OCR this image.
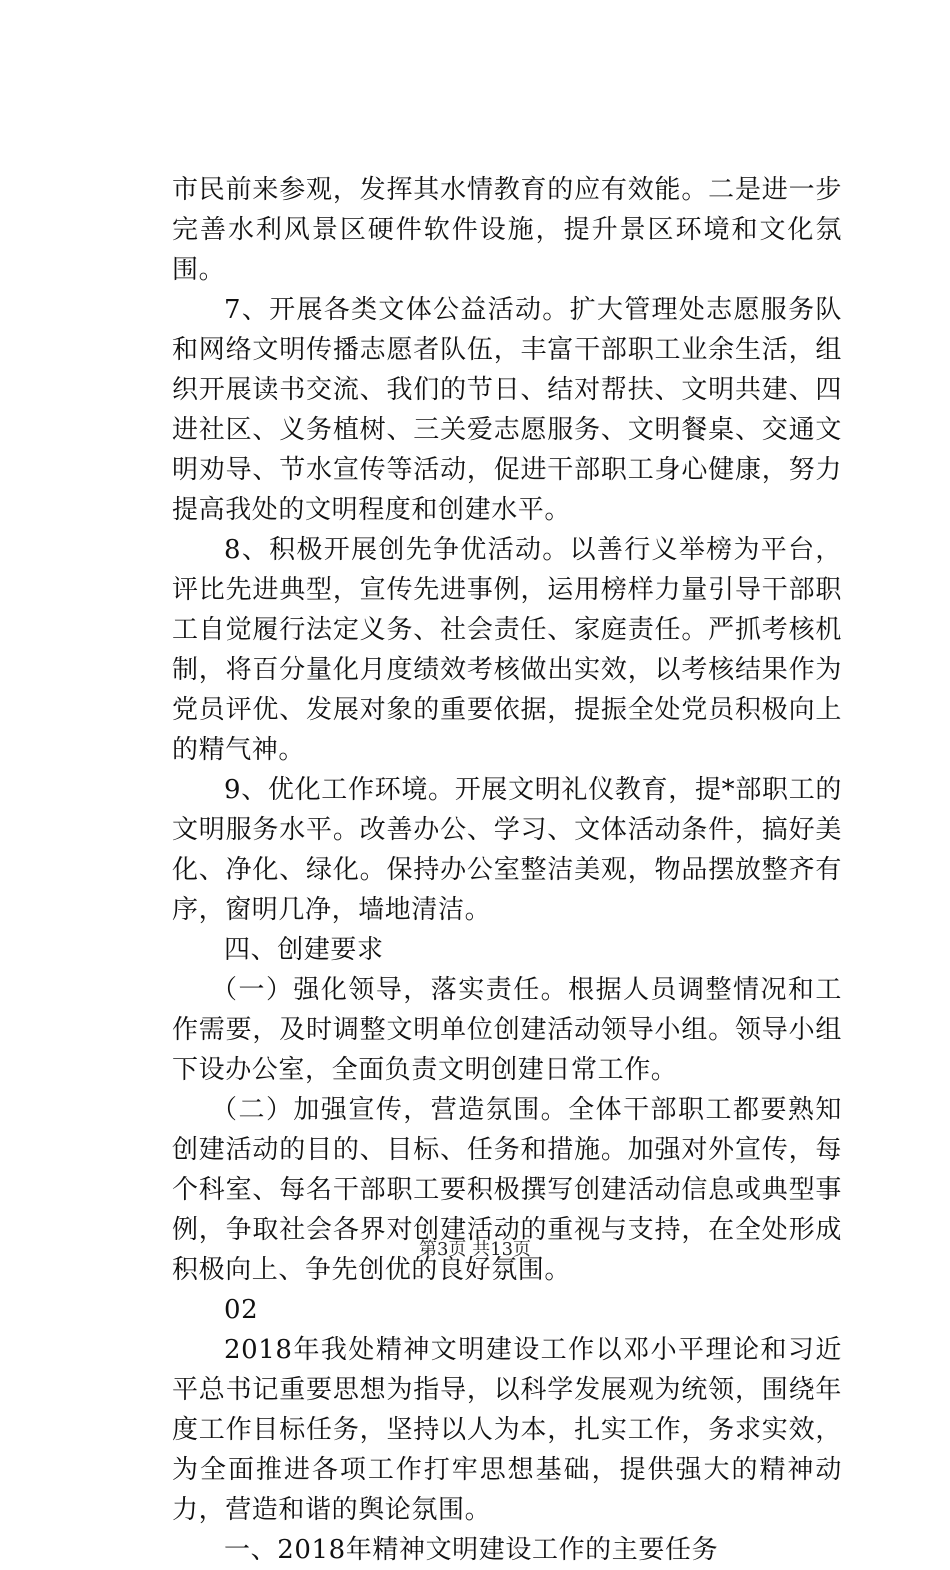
市民前来参观，发挥其水情教育的应有效能。二是进一步完善水利风景区硬件软件设施，提升景区环境和文化氛围。

7、开展各类文体公益活动。扩大管理处志愿服务队和网络文明传播志愿者队伍，丰富干部职工业余生活，组织开展读书交流、我们的节日、结对帮扶、文明共建、四进社区、义务植树、三关爱志愿服务、文明餐桌、交通文明劝导、节水宣传等活动，促进干部职工身心健康，努力提高我处的文明程度和创建水平。

8、积极开展创先争优活动。以善行义举榜为平台，评比先进典型，宣传先进事例，运用榜样力量引导干部职工自觉履行法定义务、社会责任、家庭责任。严抓考核机制，将百分量化月度绩效考核做出实效，以考核结果作为党员评优、发展对象的重要依据，提振全处党员积极向上的精气神。

9、优化工作环境。开展文明礼仪教育，提*部职工的文明服务水平。改善办公、学习、文体活动条件，搞好美化、净化、绿化。保持办公室整洁美观，物品摆放整齐有序，窗明几净，墙地清洁。

四、创建要求

（一）强化领导，落实责任。根据人员调整情况和工作需要，及时调整文明单位创建活动领导小组。领导小组下设办公室，全面负责文明创建日常工作。

（二）加强宣传，营造氛围。全体干部职工都要熟知创建活动的目的、目标、任务和措施。加强对外宣传，每个科室、每名干部职工要积极撰写创建活动信息或典型事例，争取社会各界对创建活动的重视与支持，在全处形成积极向上、争先创优的良好氛围。

02

2018年我处精神文明建设工作以邓小平理论和习近平总书记重要思想为指导，以科学发展观为统领，围绕年度工作目标任务，坚持以人为本，扎实工作，务求实效，为全面推进各项工作打牢思想基础，提供强大的精神动力，营造和谐的舆论氛围。

一、2018年精神文明建设工作的主要任务

第3页 共13页
